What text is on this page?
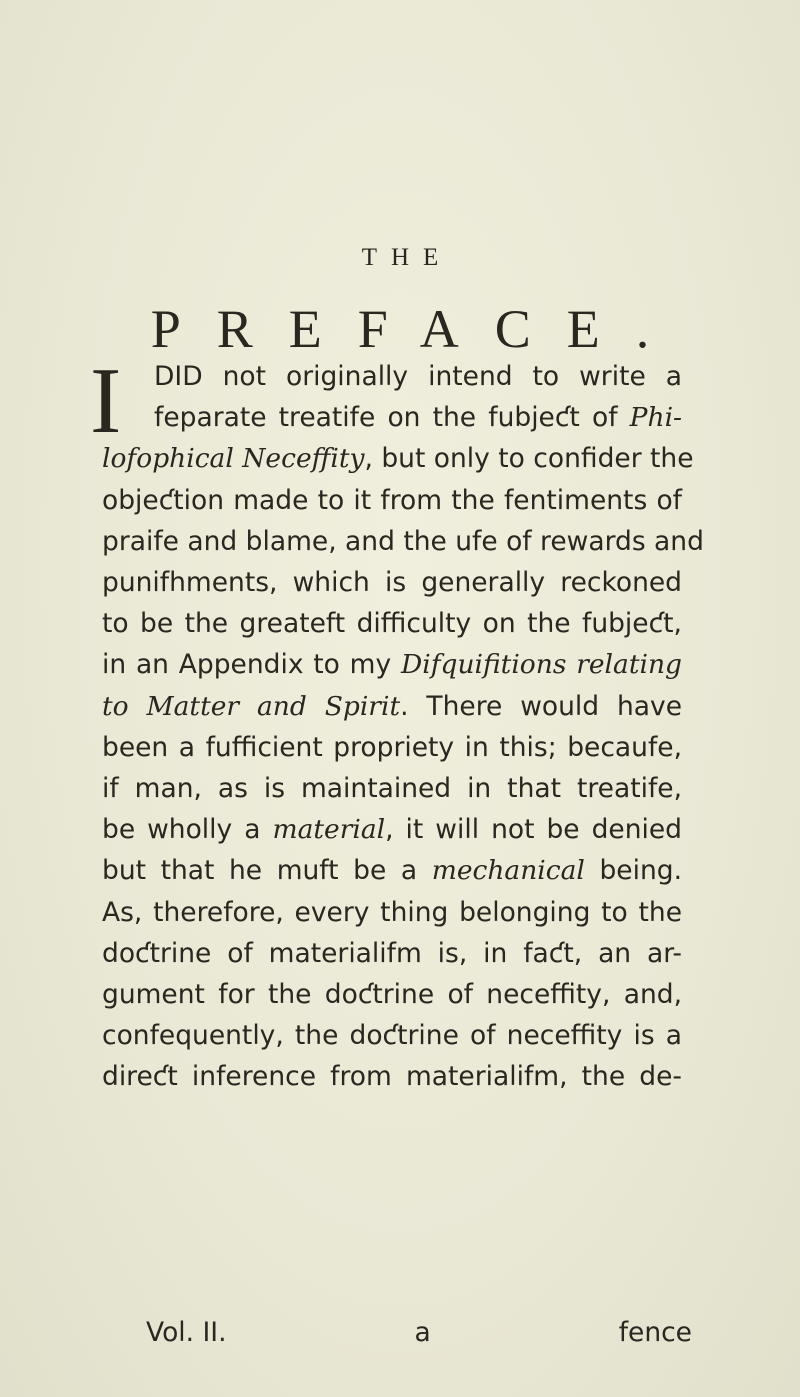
THE
PREFACE.
I	DID not originally intend to write a
feparate treatife on the fubjeƈt of Phi-
lofophical Neceffity, but only to confider the
objeƈtion made to it from the fentiments of
praife and blame, and the ufe of rewards and
punifhments, which is generally reckoned
to be the greateft difficulty on the fubjeƈt,
in an Appendix to my Difquifitions relating
to Matter and Spirit. There would have
been a fufficient propriety in this; becaufe,
if man, as is maintained in that treatife,
be wholly a material, it will not be denied
but that he muft be a mechanical being.
As, therefore, every thing belonging to the
doƈtrine of materialifm is, in faƈt, an ar-
gument for the doƈtrine of neceffity, and,
confequently, the doƈtrine of neceffity is a
direƈt inference from materialifm, the de-
Vol. II.	a	fence
